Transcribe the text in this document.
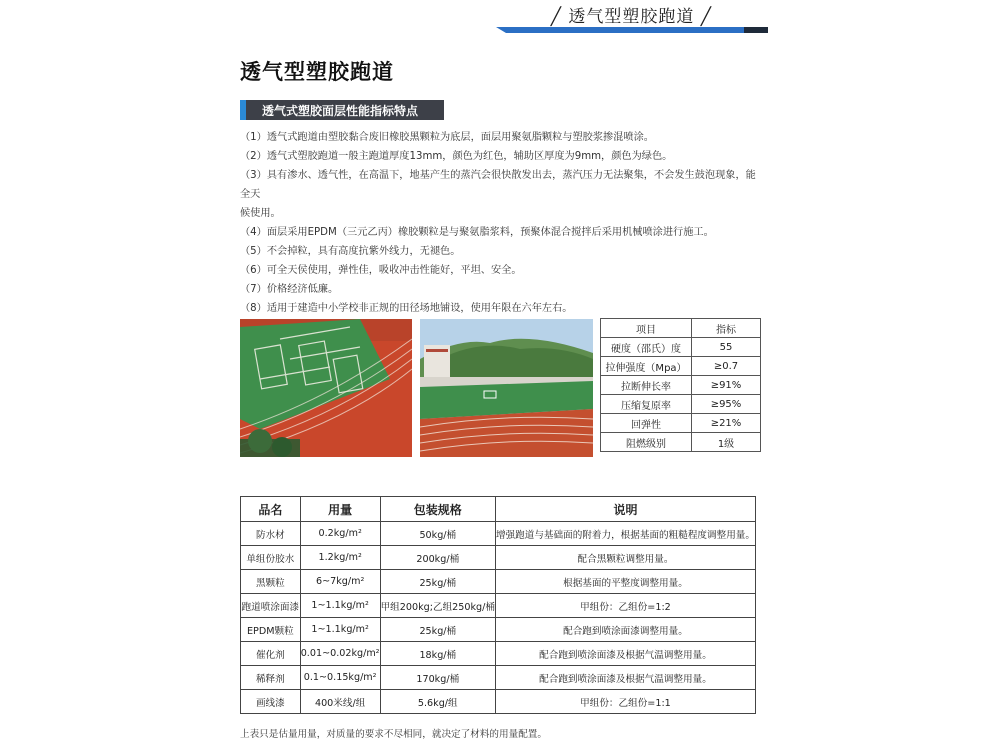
╱ 透气型塑胶跑道 ╱
透气型塑胶跑道
透气式塑胶面层性能指标特点

（1）透气式跑道由塑胶黏合废旧橡胶黑颗粒为底层，面层用聚氨脂颗粒与塑胶浆掺混喷涂。

（2）透气式塑胶跑道一般主跑道厚度13mm，颜色为红色，辅助区厚度为9mm，颜色为绿色。

（3）具有渗水、透气性，在高温下，地基产生的蒸汽会很快散发出去，蒸汽压力无法聚集，不会发生鼓泡现象，能全天

候使用。

（4）面层采用EPDM（三元乙丙）橡胶颗粒是与聚氨脂浆料，预聚体混合搅拌后采用机械喷涂进行施工。

（5）不会掉粒，具有高度抗紫外线力，无褪色。

（6）可全天侯使用，弹性佳，吸收冲击性能好，平坦、安全。

（7）价格经济低廉。

（8）适用于建造中小学校非正规的田径场地铺设，使用年限在六年左右。

项目	指标
硬度（邵氏）度	55
拉伸强度（Mpa）	≥0.7
拉断伸长率	≥91%
压缩复原率	≥95%
回弹性	≥21%
阻燃级别	1级
品名	用量	包装规格	说明
防水材	0.2kg/m²	50kg/桶	增强跑道与基础面的附着力，根据基面的粗糙程度调整用量。
单组份胶水	1.2kg/m²	200kg/桶	配合黑颗粒调整用量。
黑颗粒	6~7kg/m²	25kg/桶	根据基面的平整度调整用量。
跑道喷涂面漆	1~1.1kg/m²	甲组200kg;乙组250kg/桶	甲组份：乙组份=1:2
EPDM颗粒	1~1.1kg/m²	25kg/桶	配合跑到喷涂面漆调整用量。
催化剂	0.01~0.02kg/m²	18kg/桶	配合跑到喷涂面漆及根据气温调整用量。
稀释剂	0.1~0.15kg/m²	170kg/桶	配合跑到喷涂面漆及根据气温调整用量。
画线漆	400米线/组	5.6kg/组	甲组份：乙组份=1:1
上表只是估量用量，对质量的要求不尽相同，就决定了材料的用量配置。
